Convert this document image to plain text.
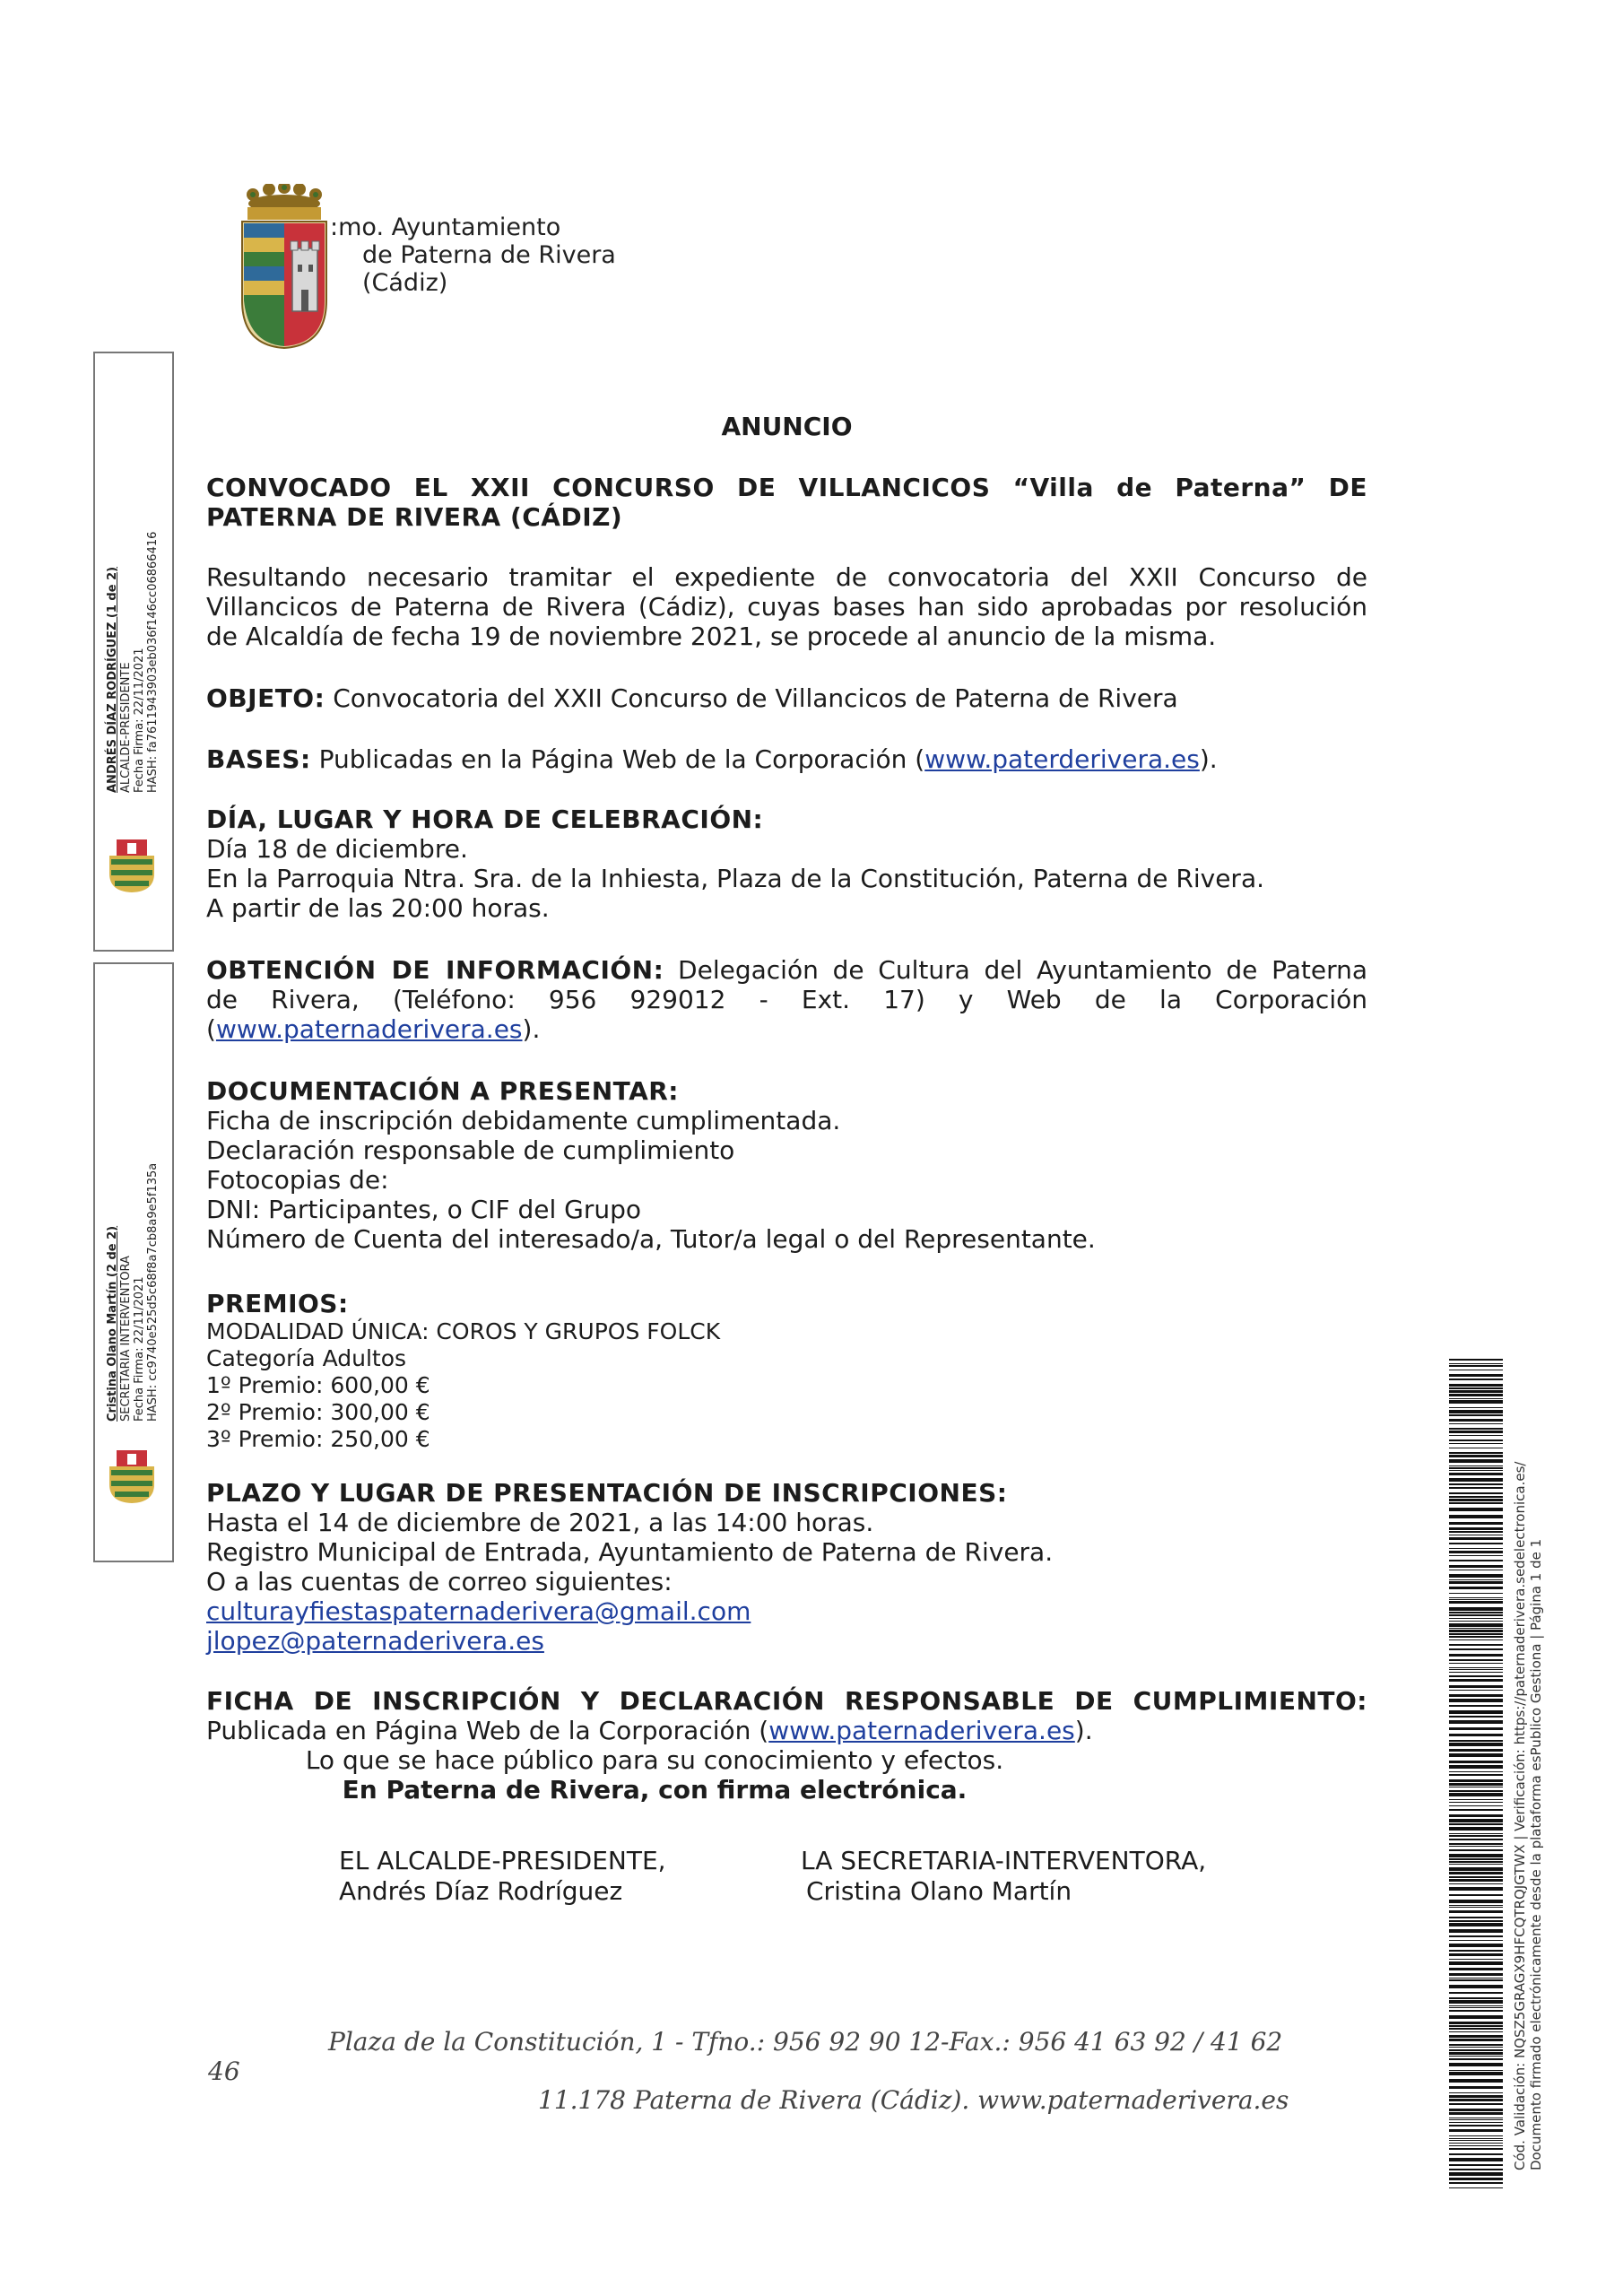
:mo. Ayuntamiento
de Paterna de Rivera
(Cádiz)
ANDRÉS DÍAZ RODRÍGUEZ (1 de 2) ALCALDE-PRESIDENTE Fecha Firma: 22/11/2021 HASH: fa7611943903eb036f146cc06866416
Cristina Olano Martín (2 de 2) SECRETARIA INTERVENTORA Fecha Firma: 22/11/2021 HASH: cc9740e525d5c68f8a7cb8a9e5f135a
ANUNCIO
CONVOCADO EL XXII CONCURSO DE VILLANCICOS “Villa de Paterna” DE
PATERNA DE RIVERA (CÁDIZ)
Resultando necesario tramitar el expediente de convocatoria del XXII Concurso de
Villancicos de Paterna de Rivera (Cádiz), cuyas bases han sido aprobadas por resolución
de Alcaldía de fecha 19 de noviembre 2021, se procede al anuncio de la misma.
OBJETO: Convocatoria del XXII Concurso de Villancicos de Paterna de Rivera
BASES: Publicadas en la Página Web de la Corporación (www.paterderivera.es).
DÍA, LUGAR Y HORA DE CELEBRACIÓN:
Día 18 de diciembre.
En la Parroquia Ntra. Sra. de la Inhiesta, Plaza de la Constitución, Paterna de Rivera.
A partir de las 20:00 horas.
OBTENCIÓN DE INFORMACIÓN: Delegación de Cultura del Ayuntamiento de Paterna
de Rivera, (Teléfono: 956 929012 - Ext. 17) y Web de la Corporación
(www.paternaderivera.es).
DOCUMENTACIÓN A PRESENTAR:
Ficha de inscripción debidamente cumplimentada.
Declaración responsable de cumplimiento
Fotocopias de:
DNI: Participantes, o CIF del Grupo
Número de Cuenta del interesado/a, Tutor/a legal o del Representante.
PREMIOS:
MODALIDAD ÚNICA: COROS Y GRUPOS FOLCK
Categoría Adultos
1º Premio: 600,00 €
2º Premio: 300,00 €
3º Premio: 250,00 €
PLAZO Y LUGAR DE PRESENTACIÓN DE INSCRIPCIONES:
Hasta el 14 de diciembre de 2021, a las 14:00 horas.
Registro Municipal de Entrada, Ayuntamiento de Paterna de Rivera.
O a las cuentas de correo siguientes:
culturayfiestaspaternaderivera@gmail.com
jlopez@paternaderivera.es
FICHA DE INSCRIPCIÓN Y DECLARACIÓN RESPONSABLE DE CUMPLIMIENTO:
Publicada en Página Web de la Corporación (www.paternaderivera.es).
Lo que se hace público para su conocimiento y efectos.
En Paterna de Rivera, con firma electrónica.
EL ALCALDE-PRESIDENTE,
Andrés Díaz Rodríguez
LA SECRETARIA-INTERVENTORA,
Cristina Olano Martín
Plaza de la Constitución, 1 - Tfno.: 956 92 90 12-Fax.: 956 41 63 92 / 41 62
46
11.178 Paterna de Rivera (Cádiz). www.paternaderivera.es	Cód. Validación: NQSZ5GRAGX9HFCQTRQJGTWX | Verificación: https://paternaderivera.sedelectronica.es/ Documento firmado electrónicamente desde la plataforma esPublico Gestiona | Página 1 de 1
